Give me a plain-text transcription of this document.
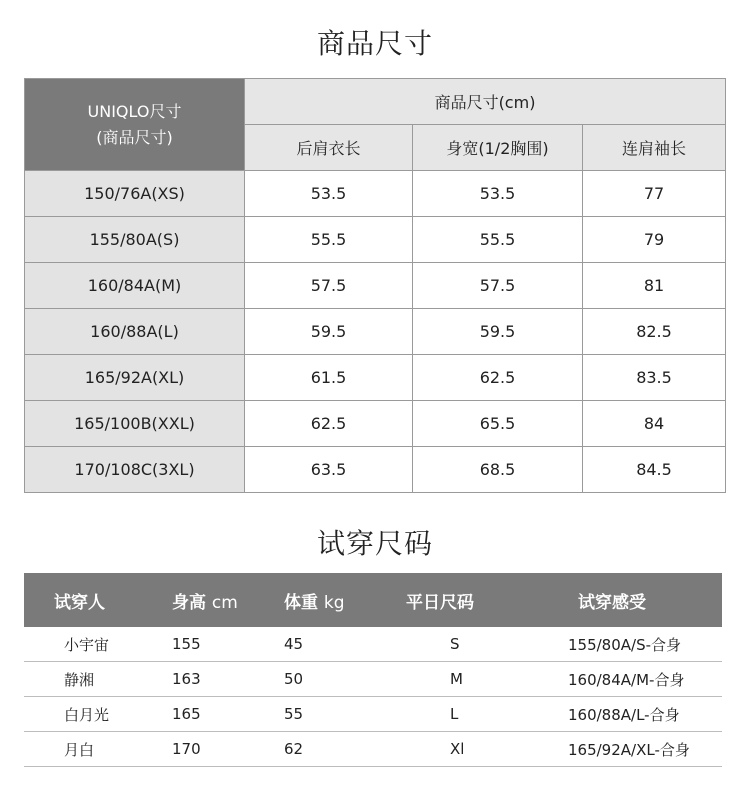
商品尺寸
UNIQLO尺寸
(商品尺寸)	商品尺寸(cm)		
	后肩衣长	身宽(1/2胸围)	连肩袖长
150/76A(XS)	53.5	53.5	77
155/80A(S)	55.5	55.5	79
160/84A(M)	57.5	57.5	81
160/88A(L)	59.5	59.5	82.5
165/92A(XL)	61.5	62.5	83.5
165/100B(XXL)	62.5	65.5	84
170/108C(3XL)	63.5	68.5	84.5
试穿尺码
试穿人	身高 cm	体重 kg	平日尺码	试穿感受
小宇宙	155	45	S	155/80A/S-合身
静湘	163	50	M	160/84A/M-合身
白月光	165	55	L	160/88A/L-合身
月白	170	62	Xl	165/92A/XL-合身
